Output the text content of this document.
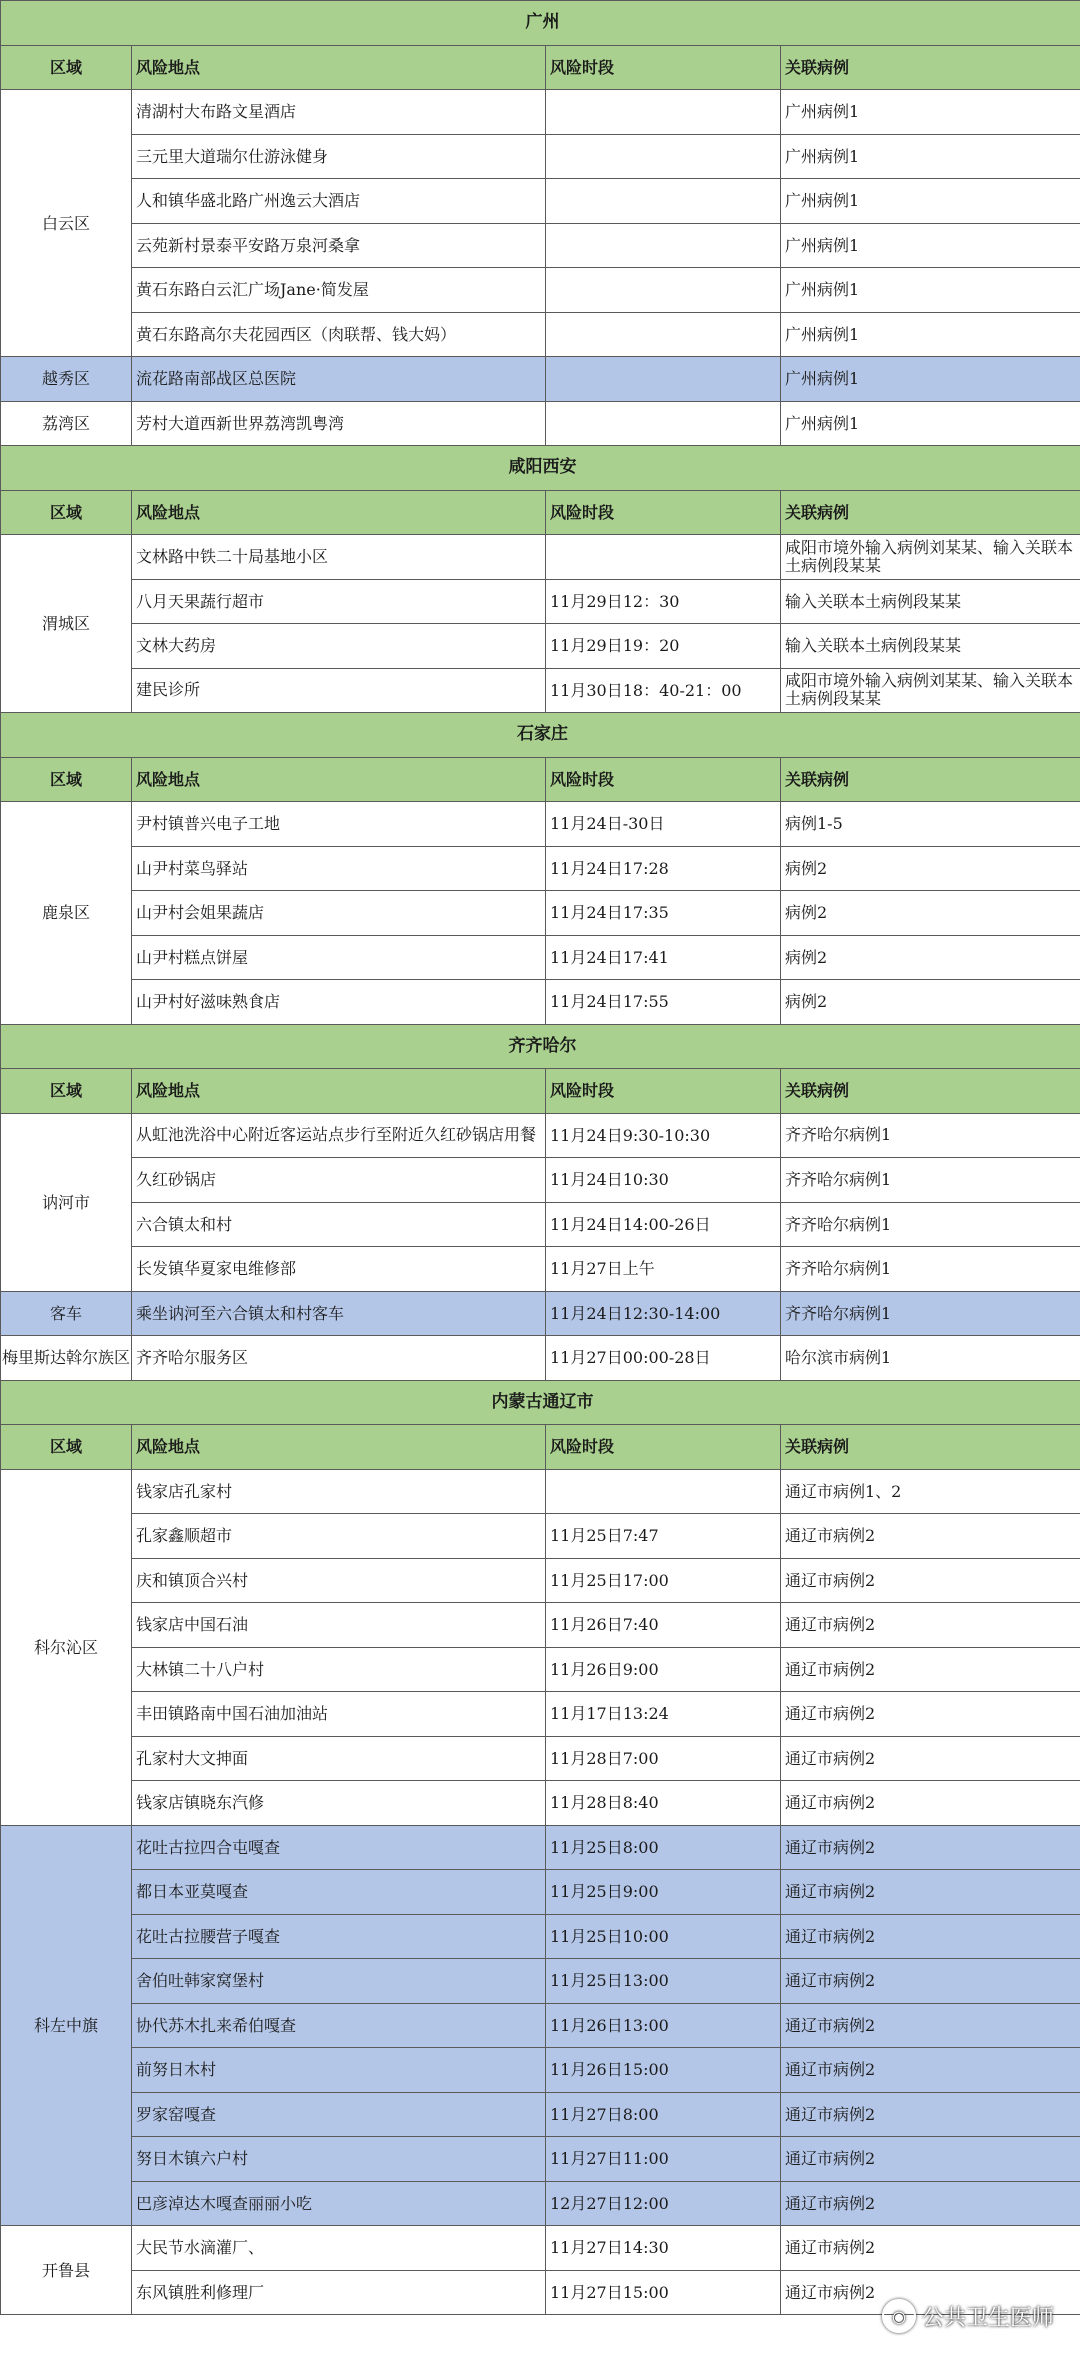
广州			
区域	风险地点	风险时段	关联病例
白云区	清湖村大布路文星酒店		广州病例1
	三元里大道瑞尔仕游泳健身		广州病例1
	人和镇华盛北路广州逸云大酒店		广州病例1
	云苑新村景泰平安路万泉河桑拿		广州病例1
	黄石东路白云汇广场Jane·简发屋		广州病例1
	黄石东路高尔夫花园西区（肉联帮、钱大妈）		广州病例1
越秀区	流花路南部战区总医院		广州病例1
荔湾区	芳村大道西新世界荔湾凯粤湾		广州病例1
咸阳西安			
区域	风险地点	风险时段	关联病例
渭城区	文林路中铁二十局基地小区		咸阳市境外输入病例刘某某、输入关联本土病例段某某
	八月天果蔬行超市	11月29日12：30	输入关联本土病例段某某
	文林大药房	11月29日19：20	输入关联本土病例段某某
	建民诊所	11月30日18：40-21：00	咸阳市境外输入病例刘某某、输入关联本土病例段某某
石家庄			
区域	风险地点	风险时段	关联病例
鹿泉区	尹村镇普兴电子工地	11月24日-30日	病例1-5
	山尹村菜鸟驿站	11月24日17:28	病例2
	山尹村会姐果蔬店	11月24日17:35	病例2
	山尹村糕点饼屋	11月24日17:41	病例2
	山尹村好滋味熟食店	11月24日17:55	病例2
齐齐哈尔			
区域	风险地点	风险时段	关联病例
讷河市	从虹池洗浴中心附近客运站点步行至附近久红砂锅店用餐	11月24日9:30-10:30	齐齐哈尔病例1
	久红砂锅店	11月24日10:30	齐齐哈尔病例1
	六合镇太和村	11月24日14:00-26日	齐齐哈尔病例1
	长发镇华夏家电维修部	11月27日上午	齐齐哈尔病例1
客车	乘坐讷河至六合镇太和村客车	11月24日12:30-14:00	齐齐哈尔病例1
梅里斯达斡尔族区	齐齐哈尔服务区	11月27日00:00-28日	哈尔滨市病例1
内蒙古通辽市			
区域	风险地点	风险时段	关联病例
科尔沁区	钱家店孔家村		通辽市病例1、2
	孔家鑫顺超市	11月25日7:47	通辽市病例2
	庆和镇顶合兴村	11月25日17:00	通辽市病例2
	钱家店中国石油	11月26日7:40	通辽市病例2
	大林镇二十八户村	11月26日9:00	通辽市病例2
	丰田镇路南中国石油加油站	11月17日13:24	通辽市病例2
	孔家村大文抻面	11月28日7:00	通辽市病例2
	钱家店镇晓东汽修	11月28日8:40	通辽市病例2
科左中旗	花吐古拉四合屯嘎查	11月25日8:00	通辽市病例2
	都日本亚莫嘎查	11月25日9:00	通辽市病例2
	花吐古拉腰营子嘎查	11月25日10:00	通辽市病例2
	舍伯吐韩家窝堡村	11月25日13:00	通辽市病例2
	协代苏木扎来希伯嘎查	11月26日13:00	通辽市病例2
	前努日木村	11月26日15:00	通辽市病例2
	罗家窑嘎查	11月27日8:00	通辽市病例2
	努日木镇六户村	11月27日11:00	通辽市病例2
	巴彦淖达木嘎查丽丽小吃	12月27日12:00	通辽市病例2
开鲁县	大民节水滴灌厂、	11月27日14:30	通辽市病例2
	东风镇胜利修理厂	11月27日15:00	通辽市病例2
◉ 公共卫生医师
